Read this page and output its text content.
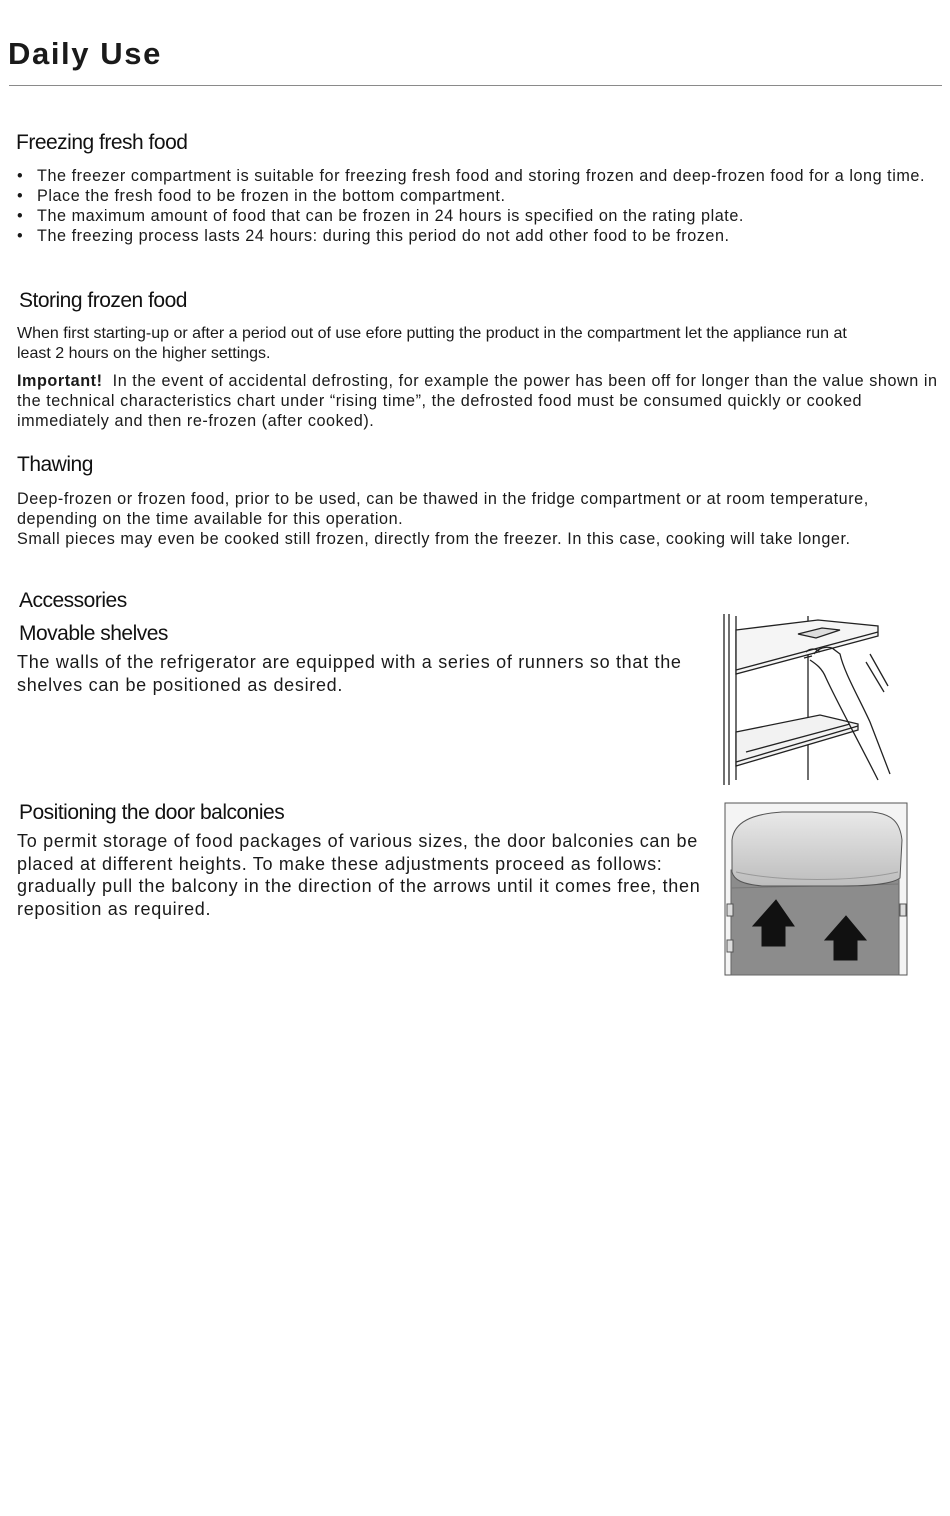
Daily Use
Freezing fresh food
• The freezer compartment is suitable for freezing fresh food and storing frozen and deep-frozen food for a long time.
• Place the fresh food to be frozen in the bottom compartment.
• The maximum amount of food that can be frozen in 24 hours is specified on the rating plate.
• The freezing process lasts 24 hours: during this period do not add other food to be frozen.
Storing frozen food

When first starting-up or after a period out of use efore putting the product in the compartment let the appliance run at least 2 hours on the higher settings.

Important! In the event of accidental defrosting, for example the power has been off for longer than the value shown in the technical characteristics chart under “rising time”, the defrosted food must be consumed quickly or cooked immediately and then re-frozen (after cooked).

Thawing

Deep-frozen or frozen food, prior to be used, can be thawed in the fridge compartment or at room temperature, depending on the time available for this operation.

Small pieces may even be cooked still frozen, directly from the freezer. In this case, cooking will take longer.

Accessories
Movable shelves

The walls of the refrigerator are equipped with a series of runners so that the shelves can be positioned as desired.

Positioning the door balconies

To permit storage of food packages of various sizes, the door balconies can be placed at different heights. To make these adjustments proceed as follows: gradually pull the balcony in the direction of the arrows until it comes free, then reposition as required.
